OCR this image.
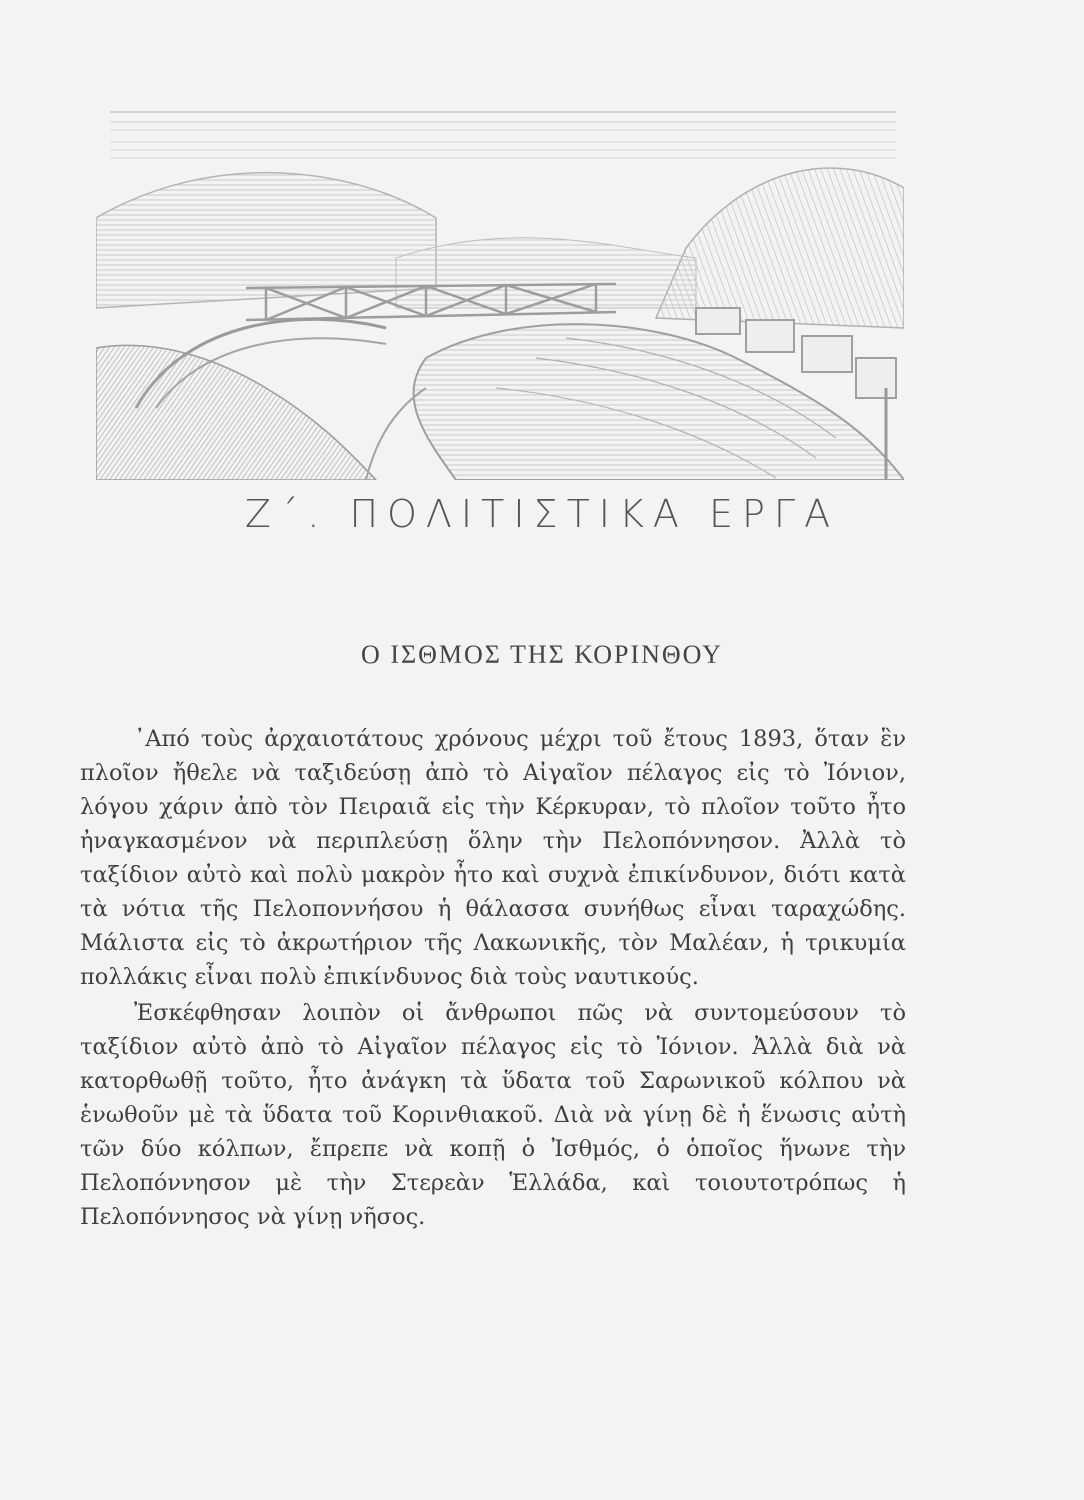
Ζ΄. ΠΟΛΙΤΙΣΤΙΚΑ ΕΡΓΑ
Ο ΙΣΘΜΟΣ ΤΗΣ ΚΟΡΙΝΘΟΥ

᾿Από τοὺς ἀρχαιοτάτους χρόνους μέχρι τοῦ ἔτους 1893, ὅταν ἓν πλοῖον ἤθελε νὰ ταξιδεύσῃ ἀπὸ τὸ Αἰγαῖον πέλαγος εἰς τὸ Ἰόνιον, λόγου χάριν ἀπὸ τὸν Πειραιᾶ εἰς τὴν Κέρκυραν, τὸ πλοῖον τοῦτο ἦτο ἠναγκασμένον νὰ περιπλεύσῃ ὅλην τὴν Πελοπόννησον. Ἀλλὰ τὸ ταξίδιον αὐτὸ καὶ πολὺ μακρὸν ἦτο καὶ συχνὰ ἐπικίνδυνον, διότι κατὰ τὰ νότια τῆς Πελοποννήσου ἡ θάλασσα συνήθως εἶναι ταραχώδης. Μάλιστα εἰς τὸ ἀκρωτήριον τῆς Λακωνικῆς, τὸν Μαλέαν, ἡ τρικυμία πολλάκις εἶναι πολὺ ἐπικίνδυνος διὰ τοὺς ναυτικούς.

Ἐσκέφθησαν λοιπὸν οἱ ἄνθρωποι πῶς νὰ συντομεύσουν τὸ ταξίδιον αὐτὸ ἀπὸ τὸ Αἰγαῖον πέλαγος εἰς τὸ Ἰόνιον. Ἀλλὰ διὰ νὰ κατορθωθῇ τοῦτο, ἦτο ἀνάγκη τὰ ὕδατα τοῦ Σαρωνικοῦ κόλπου νὰ ἑνωθοῦν μὲ τὰ ὕδατα τοῦ Κορινθιακοῦ. Διὰ νὰ γίνῃ δὲ ἡ ἕνωσις αὐτὴ τῶν δύο κόλπων, ἔπρεπε νὰ κοπῇ ὁ Ἰσθμός, ὁ ὁποῖος ἥνωνε τὴν Πελοπόννησον μὲ τὴν Στερεὰν Ἑλλάδα, καὶ τοιουτοτρόπως ἡ Πελοπόννησος νὰ γίνῃ νῆσος.
